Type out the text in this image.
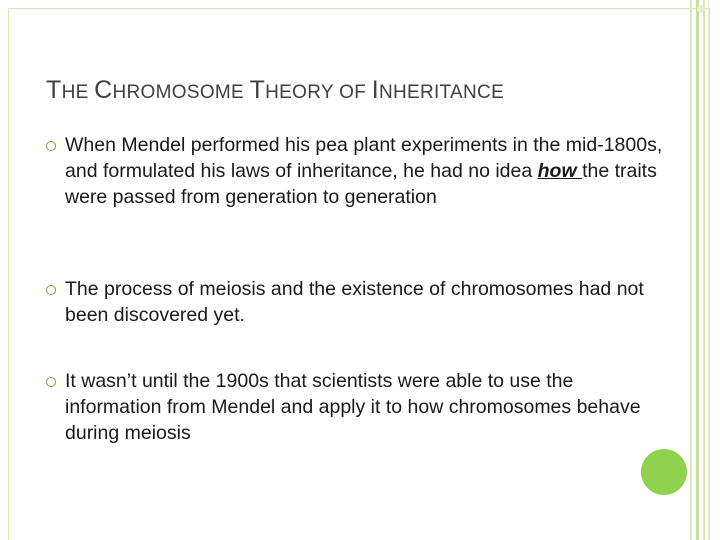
THE CHROMOSOME THEORY OF INHERITANCE
When Mendel performed his pea plant experiments in the mid-1800s, and formulated his laws of inheritance, he had no idea how the traits were passed from generation to generation
The process of meiosis and the existence of chromosomes had not been discovered yet.
It wasn’t until the 1900s that scientists were able to use the information from Mendel and apply it to how chromosomes behave during meiosis
